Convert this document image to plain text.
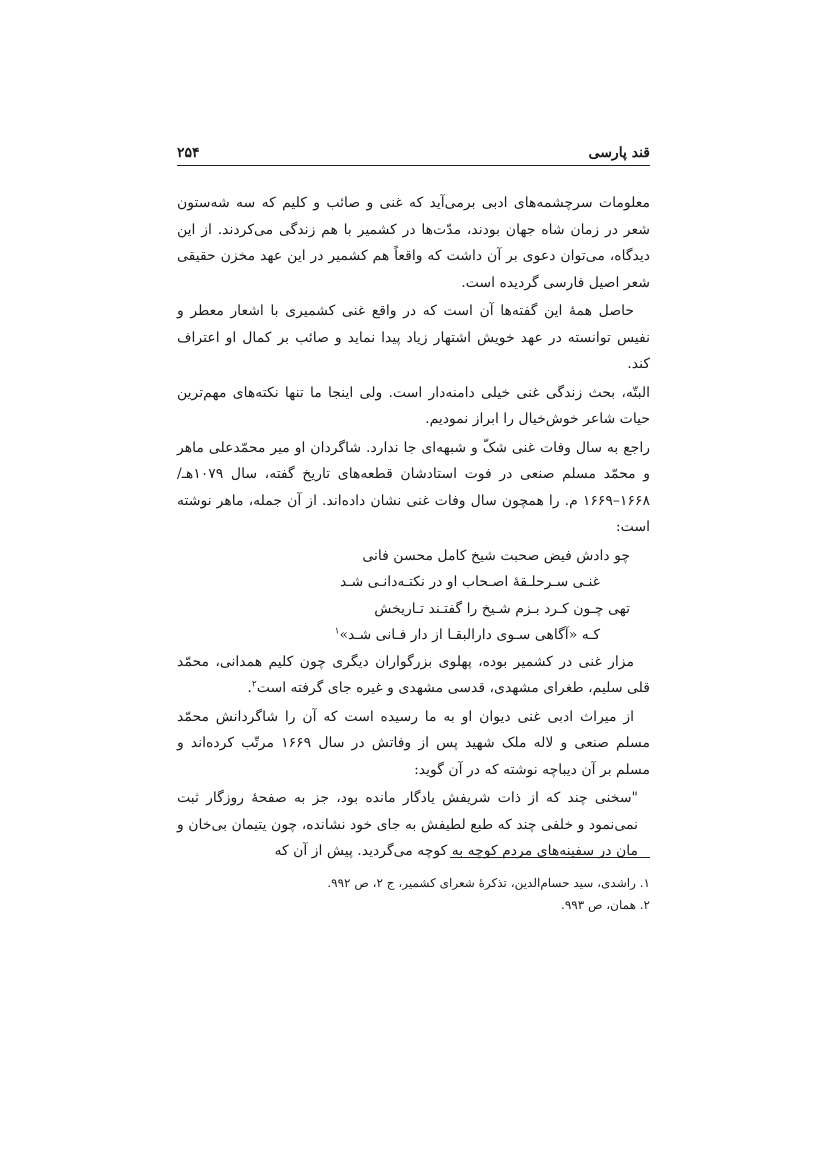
قند پارسی
۲۵۴

معلومات سرچشمه‌های ادبی برمی‌آید که غنی و صائب و کلیم که سه شه‌ستون شعر در زمان شاه جهان بودند، مدّت‌ها در کشمیر با هم زندگی می‌کردند. از این دیدگاه، می‌توان دعوی بر آن داشت که واقعاً هم کشمیر در این عهد مخزن حقیقی شعر اصیل فارسی گردیده است.

حاصل همهٔ این گفته‌ها آن است که در واقع غنی کشمیری با اشعار معطر و نفیس توانسته در عهد خویش اشتهار زیاد پیدا نماید و صائب بر کمال او اعتراف کند.

البتّه، بحث زندگی غنی خیلی دامنه‌دار است. ولی اینجا ما تنها نکته‌های مهم‌ترین حیات شاعر خوش‌خیال را ابراز نمودیم.

راجع به سال وفات غنی شکّ و شبهه‌ای جا ندارد. شاگردان او میر محمّدعلی ماهر و محمّد مسلم صنعی در فوت استادشان قطعه‌های تاریخ گفته، سال ۱۰۷۹هـ/۱۶۶۸–۱۶۶۹ م. را همچون سال وفات غنی نشان داده‌اند. از آن جمله، ماهر نوشته است:

چو دادش فیض صحبت شیخ کامل محسن فانی

غنـی سـرحلـقهٔ اصـحاب او در نکتـه‌دانـی شـد

تهی چـون کـرد بـزم شـیخ را گفتـند تـاریخش

کـه «آگاهی سـوی دارالبقـا از دار فـانی شـد»$^۱$

مزار غنی در کشمیر بوده، پهلوی بزرگواران دیگری چون کلیم همدانی، محمّد قلی سلیم، طغرای مشهدی، قدسی مشهدی و غیره جای گرفته است$^۲$.

از میراث ادبی غنی دیوان او به ما رسیده است که آن را شاگردانش محمّد مسلم صنعی و لاله ملک شهید پس از وفاتش در سال ۱۶۶۹ مرتّب کرده‌اند و مسلم بر آن دیباچه نوشته که در آن گوید:

"سخنی چند که از ذات شریفش یادگار مانده بود، جز به صفحهٔ روزگار ثبت نمی‌نمود و خلفی چند که طبع لطیفش به جای خود نشانده، چون یتیمان بی‌خان و مان در سفینه‌های مردم کوچه به کوچه می‌گردید. پیش از آن که

۱. راشدی، سید حسام‌الدین، تذکرهٔ شعرای کشمیر، ج ۲، ص ۹۹۲.
۲. همان، ص ۹۹۳.
